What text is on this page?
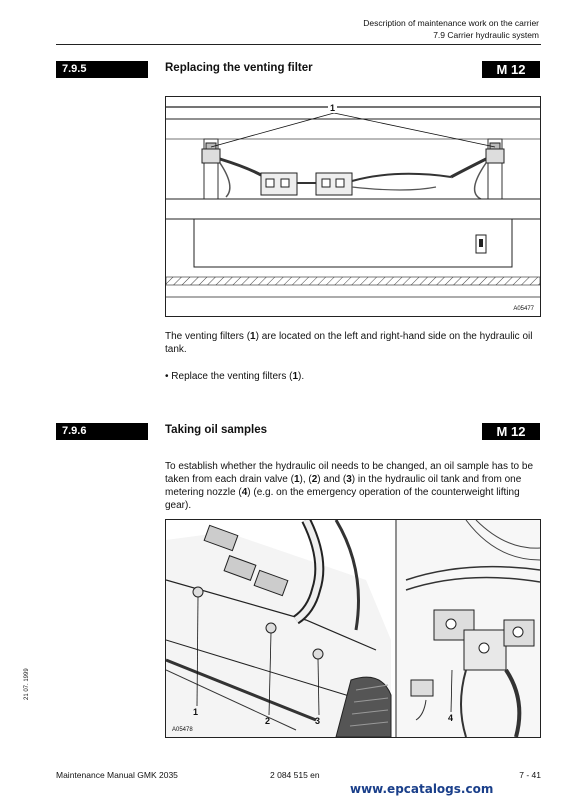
Description of maintenance work on the carrier
7.9 Carrier hydraulic system
7.9.5	Replacing the venting filter	M 12
1
A05477
The venting filters (1) are located on the left and right-hand side on the hydraulic oil tank.
• Replace the venting filters (1).
7.9.6	Taking oil samples	M 12
To establish whether the hydraulic oil needs to be changed, an oil sample has to be taken from each drain valve (1), (2) and (3) in the hydraulic oil tank and from one metering nozzle (4) (e.g. on the emergency operation of the counterweight lifting gear).
1
2	3	4
A05478
21 07. 1999
Maintenance Manual GMK 2035	2 084 515 en	7 - 41
www.epcatalogs.com
